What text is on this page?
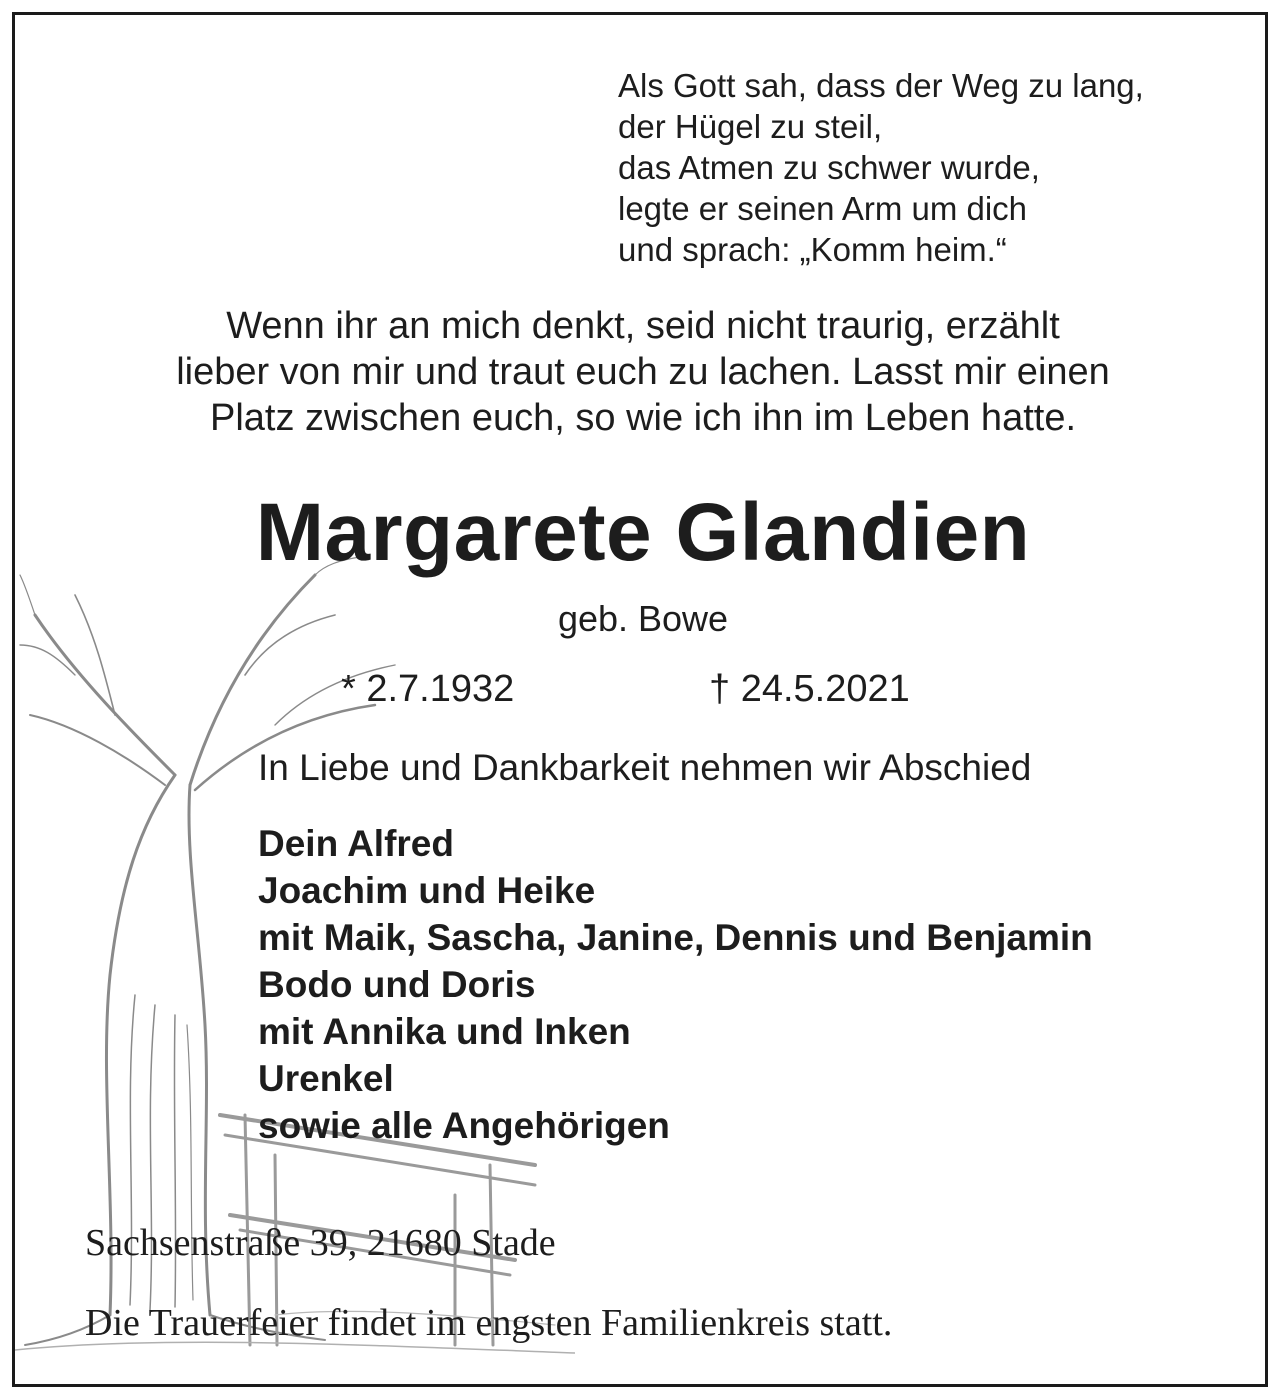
Als Gott sah, dass der Weg zu lang,
der Hügel zu steil,
das Atmen zu schwer wurde,
legte er seinen Arm um dich
und sprach: „Komm heim.“
Wenn ihr an mich denkt, seid nicht traurig, erzählt
lieber von mir und traut euch zu lachen. Lasst mir einen
Platz zwischen euch, so wie ich ihn im Leben hatte.
Margarete Glandien
geb. Bowe
* 2.7.1932	† 24.5.2021
In Liebe und Dankbarkeit nehmen wir Abschied
Dein Alfred
Joachim und Heike
mit Maik, Sascha, Janine, Dennis und Benjamin
Bodo und Doris
mit Annika und Inken
Urenkel
sowie alle Angehörigen
Sachsenstraße 39, 21680 Stade
Die Trauerfeier findet im engsten Familienkreis statt.
